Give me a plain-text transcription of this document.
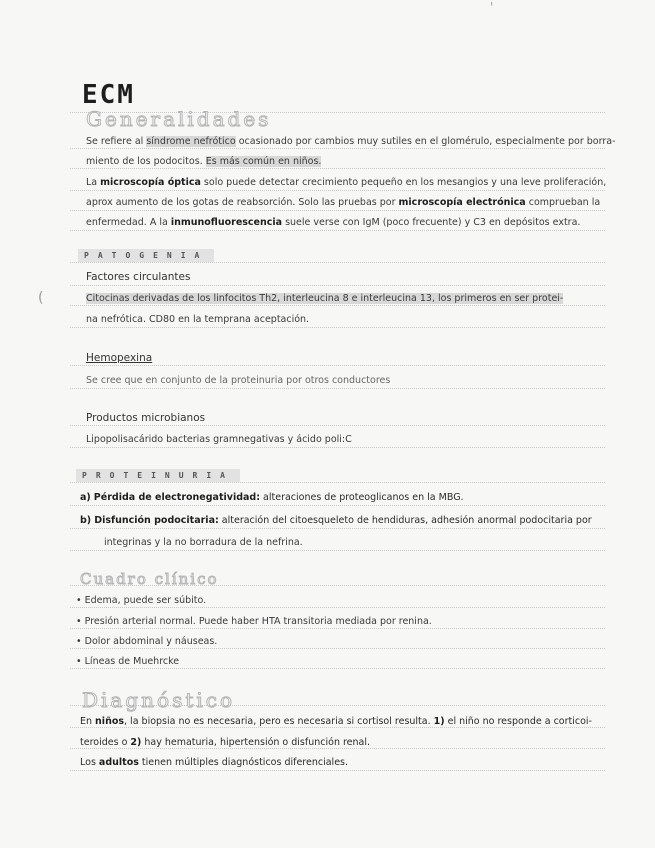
'
(
ECM
Generalidades
Se refiere al síndrome nefrótico ocasionado por cambios muy sutiles en el glomérulo, especialmente por borra-
miento de los podocitos. Es más común en niños.
La microscopía óptica solo puede detectar crecimiento pequeño en los mesangios y una leve proliferación,
aprox aumento de los gotas de reabsorción. Solo las pruebas por microscopía electrónica comprueban la
enfermedad. A la inmunofluorescencia suele verse con IgM (poco frecuente) y C3 en depósitos extra.
PATOGENIA
Factores circulantes
Citocinas derivadas de los linfocitos Th2, interleucina 8 e interleucina 13, los primeros en ser protei-
na nefrótica. CD80 en la temprana aceptación.
Hemopexina
Se cree que en conjunto de la proteinuria por otros conductores
Productos microbianos
Lipopolisacárido bacterias gramnegativas y ácido poli:C
PROTEINURIA
a) Pérdida de electronegatividad: alteraciones de proteoglicanos en la MBG.
b) Disfunción podocitaria: alteración del citoesqueleto de hendiduras, adhesión anormal podocitaria por
integrinas y la no borradura de la nefrina.
Cuadro clínico
• Edema, puede ser súbito.
• Presión arterial normal. Puede haber HTA transitoria mediada por renina.
• Dolor abdominal y náuseas.
• Líneas de Muehrcke
Diagnóstico
En niños, la biopsia no es necesaria, pero es necesaria si cortisol resulta. 1) el niño no responde a corticoi-
teroides o 2) hay hematuria, hipertensión o disfunción renal.
Los adultos tienen múltiples diagnósticos diferenciales.
